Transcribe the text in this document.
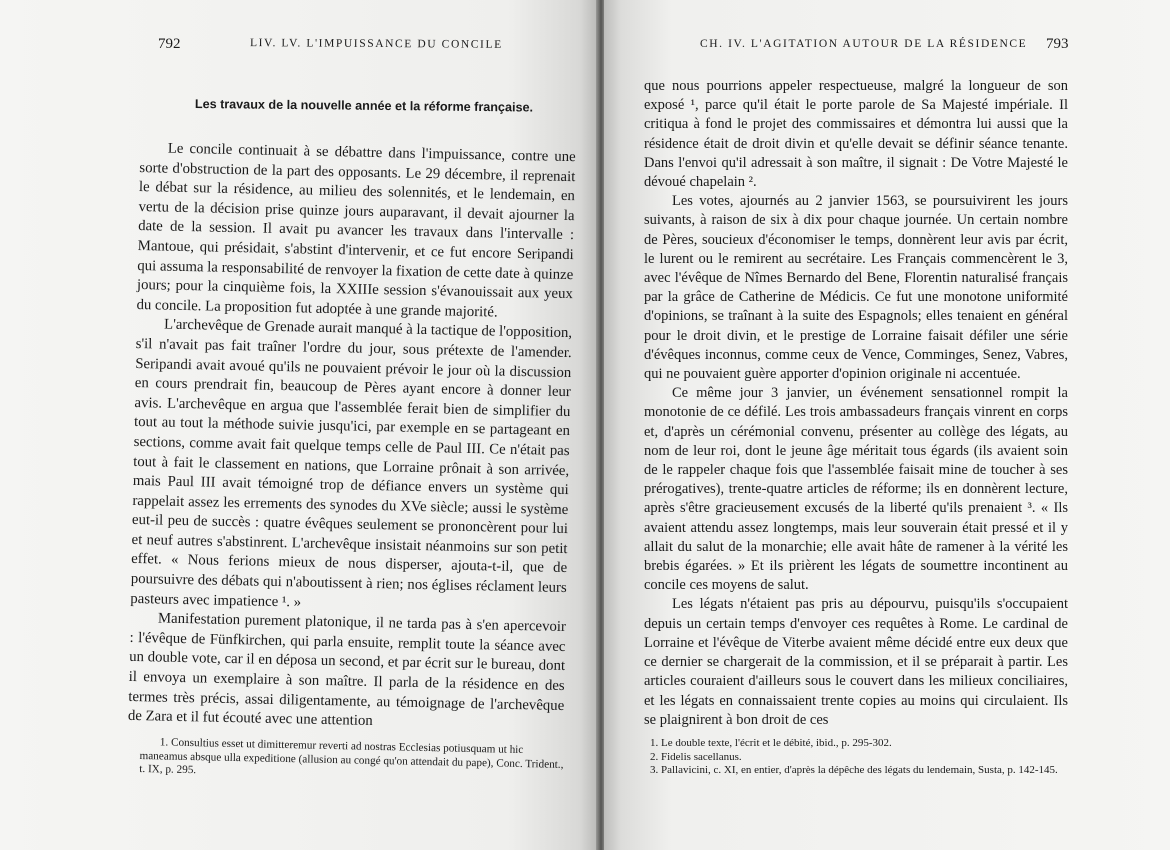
792	LIV. LV. L'IMPUISSANCE DU CONCILE
Les travaux de la nouvelle année et la réforme française.

Le concile continuait à se débattre dans l'impuissance, contre une sorte d'obstruction de la part des opposants. Le 29 décembre, il reprenait le débat sur la résidence, au milieu des solennités, et le lendemain, en vertu de la décision prise quinze jours auparavant, il devait ajourner la date de la session. Il avait pu avancer les travaux dans l'intervalle : Mantoue, qui présidait, s'abstint d'intervenir, et ce fut encore Seripandi qui assuma la responsabilité de renvoyer la fixation de cette date à quinze jours; pour la cinquième fois, la XXIIIe session s'évanouissait aux yeux du concile. La proposition fut adoptée à une grande majorité.

L'archevêque de Grenade aurait manqué à la tactique de l'opposition, s'il n'avait pas fait traîner l'ordre du jour, sous prétexte de l'amender. Seripandi avait avoué qu'ils ne pouvaient prévoir le jour où la discussion en cours prendrait fin, beaucoup de Pères ayant encore à donner leur avis. L'archevêque en argua que l'assemblée ferait bien de simplifier du tout au tout la méthode suivie jusqu'ici, par exemple en se partageant en sections, comme avait fait quelque temps celle de Paul III. Ce n'était pas tout à fait le classement en nations, que Lorraine prônait à son arrivée, mais Paul III avait témoigné trop de défiance envers un système qui rappelait assez les errements des synodes du XVe siècle; aussi le système eut-il peu de succès : quatre évêques seulement se prononcèrent pour lui et neuf autres s'abstinrent. L'archevêque insistait néanmoins sur son petit effet. « Nous ferions mieux de nous disperser, ajouta-t-il, que de poursuivre des débats qui n'aboutissent à rien; nos églises réclament leurs pasteurs avec impatience ¹. »

Manifestation purement platonique, il ne tarda pas à s'en apercevoir : l'évêque de Fünfkirchen, qui parla ensuite, remplit toute la séance avec un double vote, car il en déposa un second, et par écrit sur le bureau, dont il envoya un exemplaire à son maître. Il parla de la résidence en des termes très précis, assai diligentamente, au témoignage de l'archevêque de Zara et il fut écouté avec une attention

1. Consultius esset ut dimitteremur reverti ad nostras Ecclesias potiusquam ut hic maneamus absque ulla expeditione (allusion au congé qu'on attendait du pape), Conc. Trident., t. IX, p. 295.

CH. IV. L'AGITATION AUTOUR DE LA RÉSIDENCE 793

que nous pourrions appeler respectueuse, malgré la longueur de son exposé ¹, parce qu'il était le porte parole de Sa Majesté impériale. Il critiqua à fond le projet des commissaires et démontra lui aussi que la résidence était de droit divin et qu'elle devait se définir séance tenante. Dans l'envoi qu'il adressait à son maître, il signait : De Votre Majesté le dévoué chapelain ².

Les votes, ajournés au 2 janvier 1563, se poursuivirent les jours suivants, à raison de six à dix pour chaque journée. Un certain nombre de Pères, soucieux d'économiser le temps, donnèrent leur avis par écrit, le lurent ou le remirent au secrétaire. Les Français commencèrent le 3, avec l'évêque de Nîmes Bernardo del Bene, Florentin naturalisé français par la grâce de Catherine de Médicis. Ce fut une monotone uniformité d'opinions, se traînant à la suite des Espagnols; elles tenaient en général pour le droit divin, et le prestige de Lorraine faisait défiler une série d'évêques inconnus, comme ceux de Vence, Comminges, Senez, Vabres, qui ne pouvaient guère apporter d'opinion originale ni accentuée.

Ce même jour 3 janvier, un événement sensationnel rompit la monotonie de ce défilé. Les trois ambassadeurs français vinrent en corps et, d'après un cérémonial convenu, présenter au collège des légats, au nom de leur roi, dont le jeune âge méritait tous égards (ils avaient soin de le rappeler chaque fois que l'assemblée faisait mine de toucher à ses prérogatives), trente-quatre articles de réforme; ils en donnèrent lecture, après s'être gracieusement excusés de la liberté qu'ils prenaient ³. « Ils avaient attendu assez longtemps, mais leur souverain était pressé et il y allait du salut de la monarchie; elle avait hâte de ramener à la vérité les brebis égarées. » Et ils prièrent les légats de soumettre incontinent au concile ces moyens de salut.

Les légats n'étaient pas pris au dépourvu, puisqu'ils s'occupaient depuis un certain temps d'envoyer ces requêtes à Rome. Le cardinal de Lorraine et l'évêque de Viterbe avaient même décidé entre eux deux que ce dernier se chargerait de la commission, et il se préparait à partir. Les articles couraient d'ailleurs sous le couvert dans les milieux conciliaires, et les légats en connaissaient trente copies au moins qui circulaient. Ils se plaignirent à bon droit de ces

1. Le double texte, l'écrit et le débité, ibid., p. 295-302.

2. Fidelis sacellanus.

3. Pallavicini, c. XI, en entier, d'après la dépêche des légats du lendemain, Susta, p. 142-145.
